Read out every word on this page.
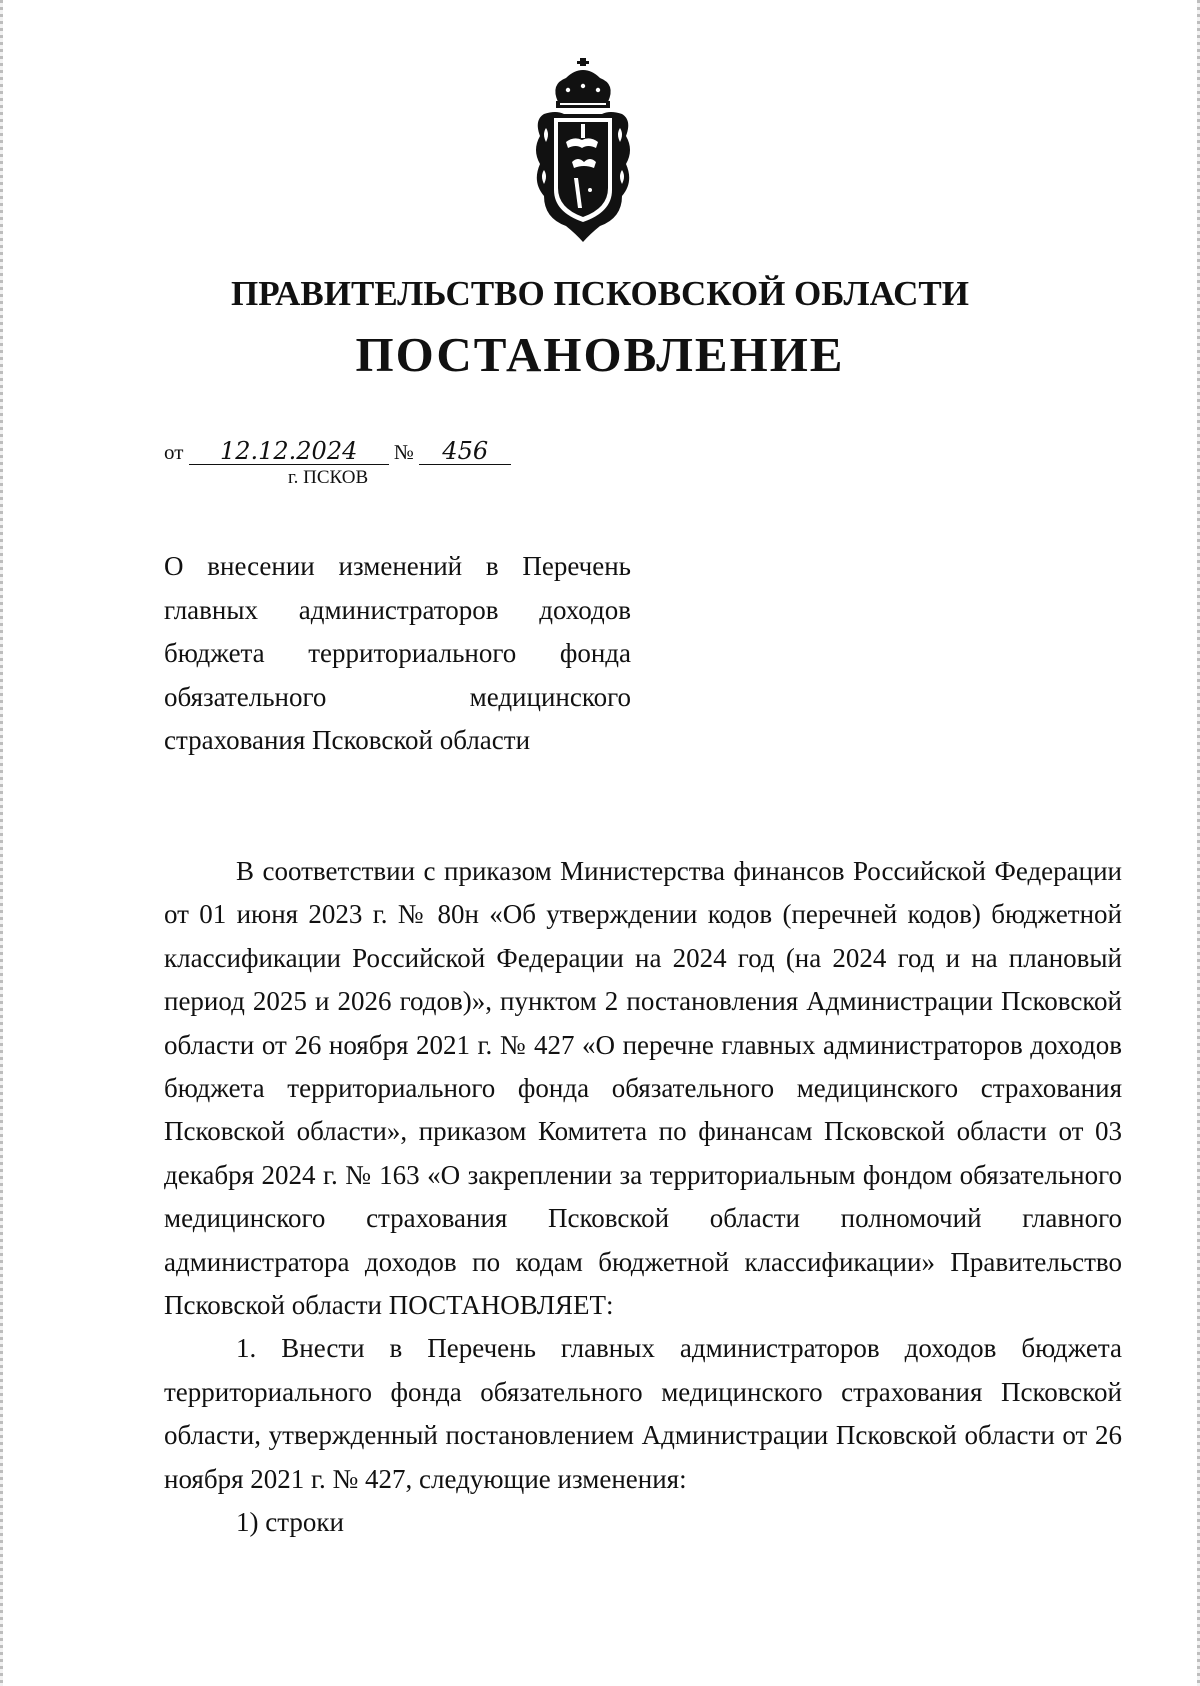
ПРАВИТЕЛЬСТВО ПСКОВСКОЙ ОБЛАСТИ
ПОСТАНОВЛЕНИЕ
от 12.12.2024 № 456
г. ПСКОВ
О внесении изменений в Перечень главных администраторов доходов бюджета территориального фонда обязательного медицинского страхования Псковской области

В соответствии с приказом Министерства финансов Российской Федерации от 01 июня 2023 г. № 80н «Об утверждении кодов (перечней кодов) бюджетной классификации Российской Федерации на 2024 год (на 2024 год и на плановый период 2025 и 2026 годов)», пунктом 2 постановления Администрации Псковской области от 26 ноября 2021 г. № 427 «О перечне главных администраторов доходов бюджета территориального фонда обязательного медицинского страхования Псковской области», приказом Комитета по финансам Псковской области от 03 декабря 2024 г. № 163 «О закреплении за территориальным фондом обязательного медицинского страхования Псковской области полномочий главного администратора доходов по кодам бюджетной классификации» Правительство Псковской области ПОСТАНОВЛЯЕТ:

1. Внести в Перечень главных администраторов доходов бюджета территориального фонда обязательного медицинского страхования Псковской области, утвержденный постановлением Администрации Псковской области от 26 ноября 2021 г. № 427, следующие изменения:

1) строки
